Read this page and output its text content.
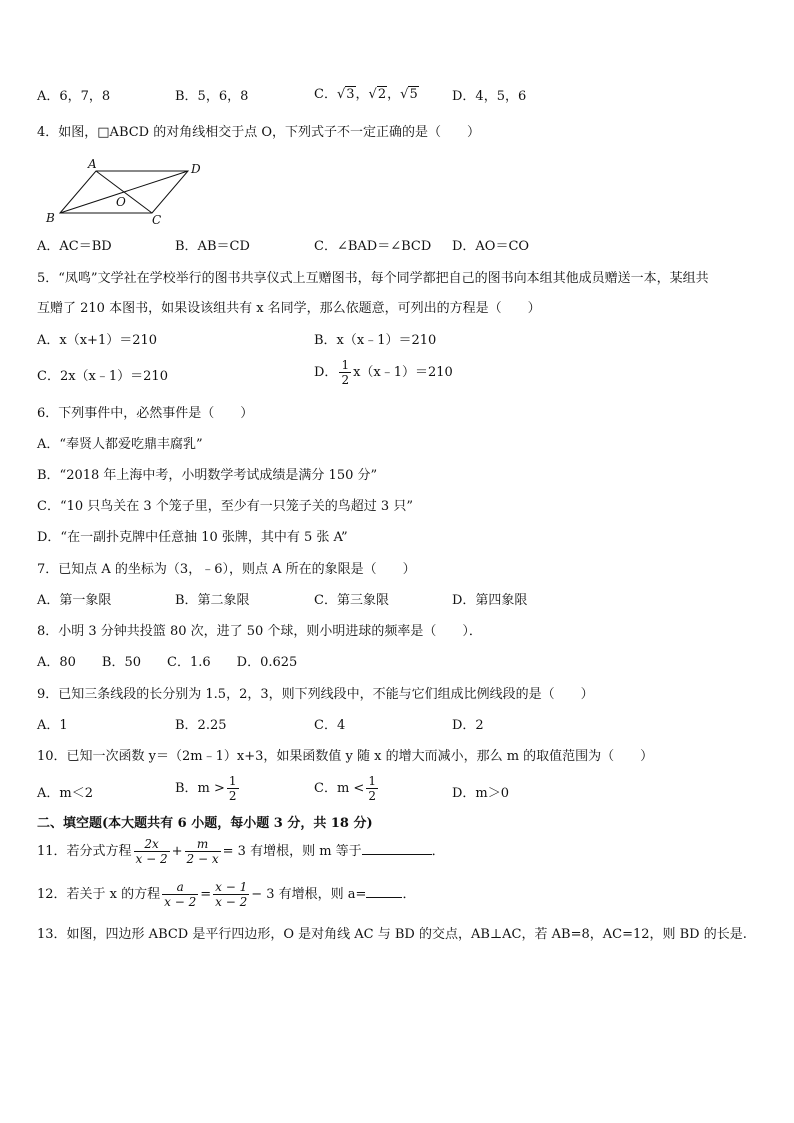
A．6，7，8	B．5，6，8	C．√3，√2，√5	D．4，5，6
4．如图，□ABCD 的对角线相交于点 O，下列式子不一定正确的是（　　）
A	D
B	C
O
A．AC＝BD	B．AB＝CD	C．∠BAD＝∠BCD D．AO＝CO
5．“凤鸣”文学社在学校举行的图书共享仪式上互赠图书，每个同学都把自己的图书向本组其他成员赠送一本，某组共
互赠了 210 本图书，如果设该组共有 x 名同学，那么依题意，可列出的方程是（　　）
A．x（x+1）＝210	B．x（x﹣1）＝210
C．2x（x﹣1）＝210	D． $\frac{1}{2}$ x（x﹣1）＝210
6．下列事件中，必然事件是（　　）
A．“奉贤人都爱吃鼎丰腐乳”
B．“2018 年上海中考，小明数学考试成绩是满分 150 分”
C．“10 只鸟关在 3 个笼子里，至少有一只笼子关的鸟超过 3 只”
D．“在一副扑克牌中任意抽 10 张牌，其中有 5 张 A”
7．已知点 A 的坐标为（3，﹣6），则点 A 所在的象限是（　　）
A．第一象限	B．第二象限	C．第三象限	D．第四象限
8．小明 3 分钟共投篮 80 次，进了 50 个球，则小明进球的频率是（　　）．
A．80　　B．50　　C．1.6　　D．0.625
9．已知三条线段的长分别为 1.5，2，3，则下列线段中，不能与它们组成比例线段的是（　　）
A．1	B．2.25	C．4	D．2
10．已知一次函数 y＝（2m﹣1）x+3，如果函数值 y 随 x 的增大而减小，那么 m 的取值范围为（　　）
A．m＜2	B．$m > \frac{1}{2}$	C．$m < \frac{1}{2}$	D．m＞0
二、填空题(本大题共有 6 小题，每小题 3 分，共 18 分)
11．若分式方程 $\frac{2x}{x - 2} + \frac{m}{2 - x} = 3$ 有增根，则 m 等于	．
12．若关于 x 的方程 $\frac{a}{x - 2} = \frac{x - 1}{x - 2} - 3$ 有增根，则 a=	．
13．如图，四边形 ABCD 是平行四边形，O 是对角线 AC 与 BD 的交点，AB⊥AC，若 AB=8，AC=12，则 BD 的长是.
